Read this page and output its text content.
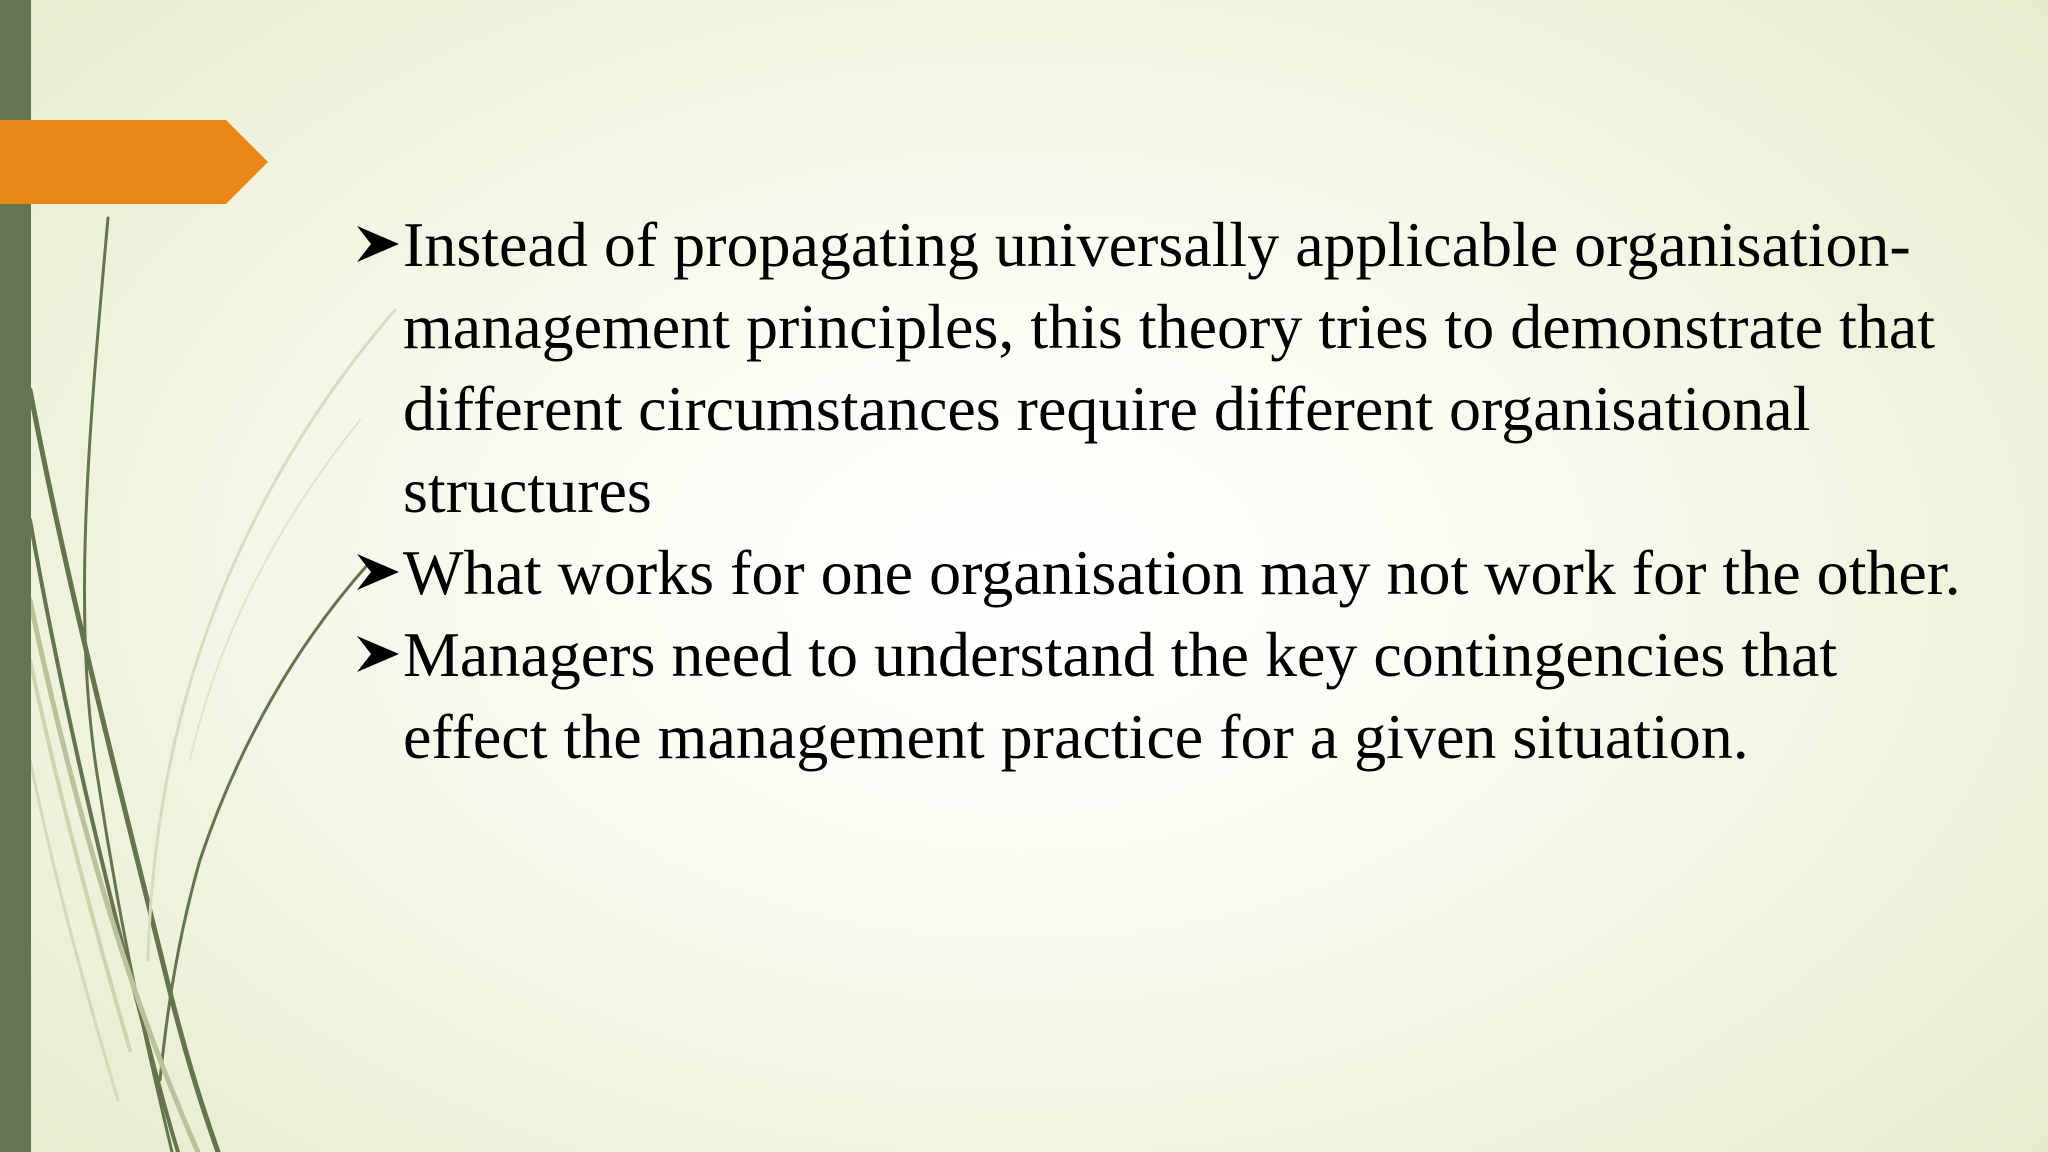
Instead of propagating universally applicable organisation-management principles, this theory tries to demonstrate that different circumstances require different organisational structures
What works for one organisation may not work for the other.
Managers need to understand the key contingencies that effect the management practice for a given situation.
